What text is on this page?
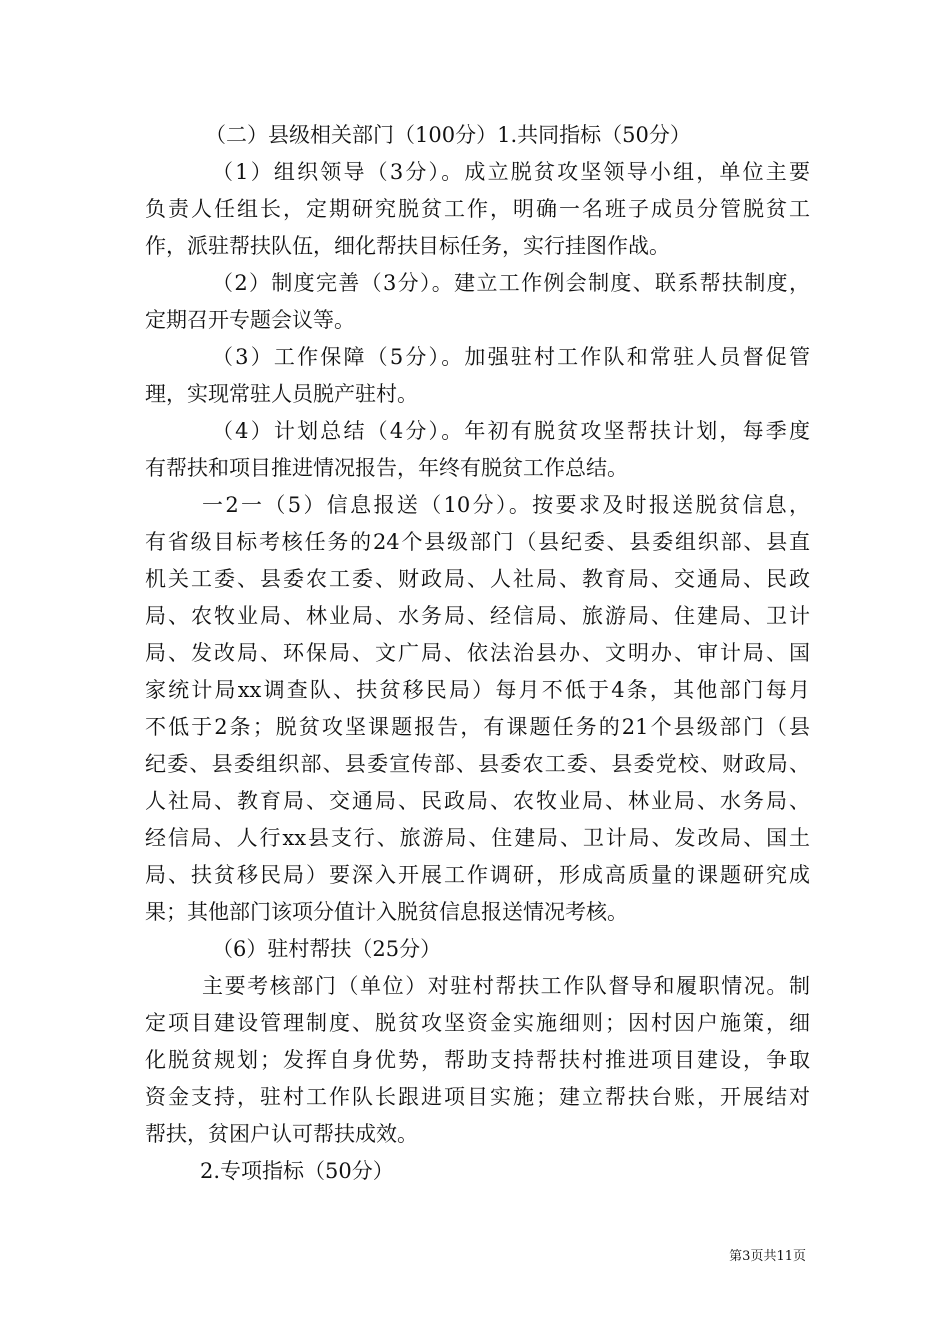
（二）县级相关部门（100分）1.共同指标（50分）
（1）组织领导（3分）。成立脱贫攻坚领导小组，单位主要
负责人任组长，定期研究脱贫工作，明确一名班子成员分管脱贫工
作，派驻帮扶队伍，细化帮扶目标任务，实行挂图作战。
（2）制度完善（3分）。建立工作例会制度、联系帮扶制度，
定期召开专题会议等。
（3）工作保障（5分）。加强驻村工作队和常驻人员督促管
理，实现常驻人员脱产驻村。
（4）计划总结（4分）。年初有脱贫攻坚帮扶计划，每季度
有帮扶和项目推进情况报告，年终有脱贫工作总结。
一2一（5）信息报送（10分）。按要求及时报送脱贫信息，
有省级目标考核任务的24个县级部门（县纪委、县委组织部、县直
机关工委、县委农工委、财政局、人社局、教育局、交通局、民政
局、农牧业局、林业局、水务局、经信局、旅游局、住建局、卫计
局、发改局、环保局、文广局、依法治县办、文明办、审计局、国
家统计局xx调查队、扶贫移民局）每月不低于4条，其他部门每月
不低于2条；脱贫攻坚课题报告，有课题任务的21个县级部门（县
纪委、县委组织部、县委宣传部、县委农工委、县委党校、财政局、
人社局、教育局、交通局、民政局、农牧业局、林业局、水务局、
经信局、人行xx县支行、旅游局、住建局、卫计局、发改局、国土
局、扶贫移民局）要深入开展工作调研，形成高质量的课题研究成
果；其他部门该项分值计入脱贫信息报送情况考核。
（6）驻村帮扶（25分）
主要考核部门（单位）对驻村帮扶工作队督导和履职情况。制
定项目建设管理制度、脱贫攻坚资金实施细则；因村因户施策，细
化脱贫规划；发挥自身优势，帮助支持帮扶村推进项目建设，争取
资金支持，驻村工作队长跟进项目实施；建立帮扶台账，开展结对
帮扶，贫困户认可帮扶成效。
2.专项指标（50分）
第3页共11页
